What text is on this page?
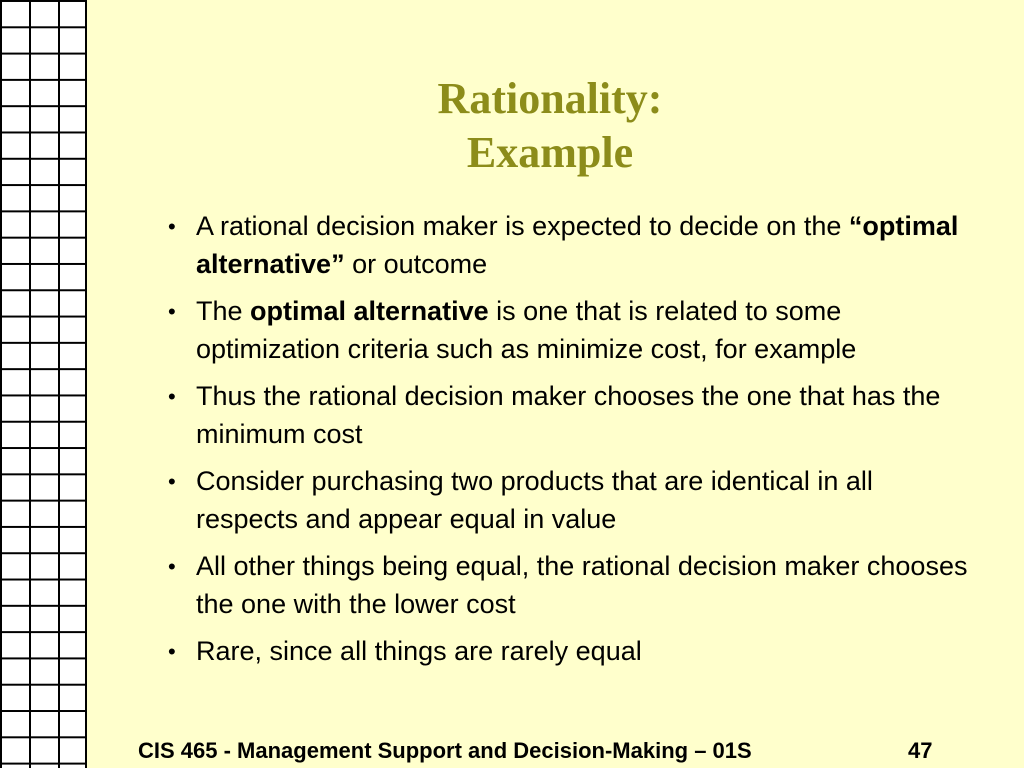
Rationality:
Example
• A rational decision maker is expected to decide on the “optimal alternative” or outcome
• The optimal alternative is one that is related to some optimization criteria such as minimize cost, for example
• Thus the rational decision maker chooses the one that has the minimum cost
• Consider purchasing two products that are identical in all respects and appear equal in value
• All other things being equal, the rational decision maker chooses the one with the lower cost
• Rare, since all things are rarely equal
CIS 465 - Management Support and Decision-Making – 01S	47
